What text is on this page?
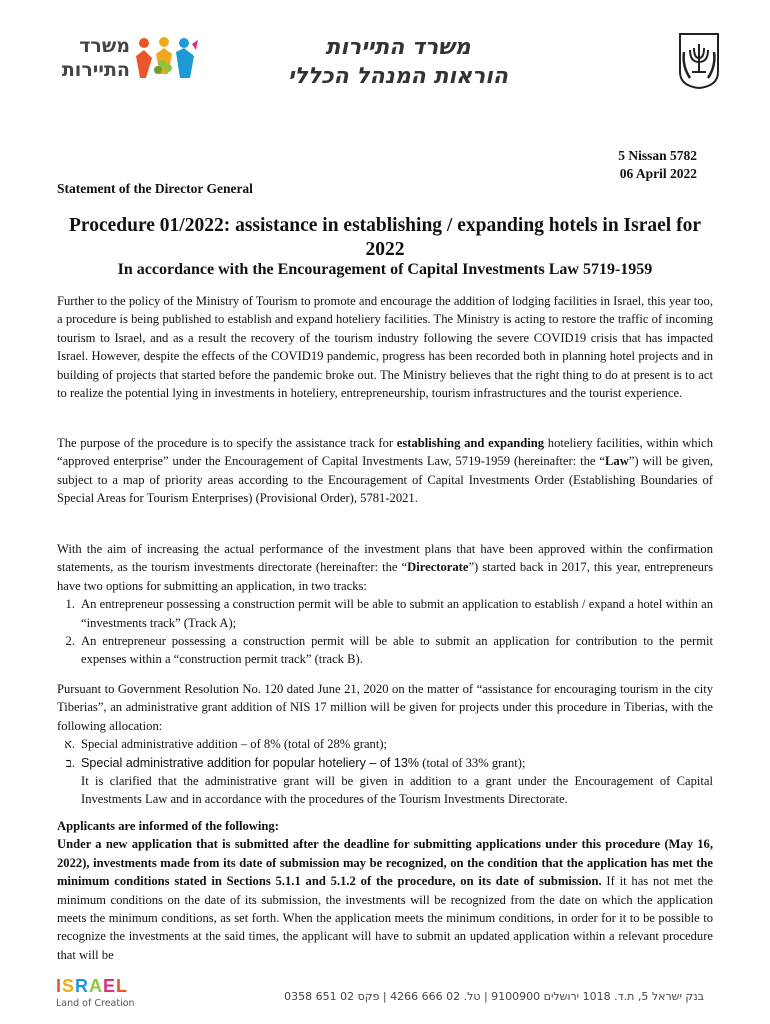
משרד
התיירות
משרד התיירות
הוראות המנהל הכללי
5 Nissan 5782
06 April 2022
Statement of the Director General
Procedure 01/2022: assistance in establishing / expanding hotels in Israel for 2022
In accordance with the Encouragement of Capital Investments Law 5719-1959
Further to the policy of the Ministry of Tourism to promote and encourage the addition of lodging facilities in Israel, this year too, a procedure is being published to establish and expand hoteliery facilities. The Ministry is acting to restore the traffic of incoming tourism to Israel, and as a result the recovery of the tourism industry following the severe COVID19 crisis that has impacted Israel. However, despite the effects of the COVID19 pandemic, progress has been recorded both in planning hotel projects and in building of projects that started before the pandemic broke out. The Ministry believes that the right thing to do at present is to act to realize the potential lying in investments in hoteliery, entrepreneurship, tourism infrastructures and the tourist experience.
The purpose of the procedure is to specify the assistance track for establishing and expanding hoteliery facilities, within which “approved enterprise” under the Encouragement of Capital Investments Law, 5719-1959 (hereinafter: the “Law”) will be given, subject to a map of priority areas according to the Encouragement of Capital Investments Order (Establishing Boundaries of Special Areas for Tourism Enterprises) (Provisional Order), 5781-2021.
With the aim of increasing the actual performance of the investment plans that have been approved within the confirmation statements, as the tourism investments directorate (hereinafter: the “Directorate”) started back in 2017, this year, entrepreneurs have two options for submitting an application, in two tracks:
1. An entrepreneur possessing a construction permit will be able to submit an application to establish / expand a hotel within an “investments track” (Track A);
2. An entrepreneur possessing a construction permit will be able to submit an application for contribution to the permit expenses within a “construction permit track” (track B).
Pursuant to Government Resolution No. 120 dated June 21, 2020 on the matter of “assistance for encouraging tourism in the city Tiberias”, an administrative grant addition of NIS 17 million will be given for projects under this procedure in Tiberias, with the following allocation:
א. Special administrative addition – of 8% (total of 28% grant);
ב. Special administrative addition for popular hoteliery – of 13% (total of 33% grant);
It is clarified that the administrative grant will be given in addition to a grant under the Encouragement of Capital Investments Law and in accordance with the procedures of the Tourism Investments Directorate.
Applicants are informed of the following:
Under a new application that is submitted after the deadline for submitting applications under this procedure (May 16, 2022), investments made from its date of submission may be recognized, on the condition that the application has met the minimum conditions stated in Sections 5.1.1 and 5.1.2 of the procedure, on its date of submission. If it has not met the minimum conditions on the date of its submission, the investments will be recognized from the date on which the application meets the minimum conditions, as set forth. When the application meets the minimum conditions, in order for it to be possible to recognize the investments at the said times, the applicant will have to submit an updated application within a relevant procedure that will be
ISRAEL
Land of Creation
בנק ישראל 5, ת.ד. 1018 ירושלים 9100900 | טל. 02 666 4266 | פקס 02 651 0358
